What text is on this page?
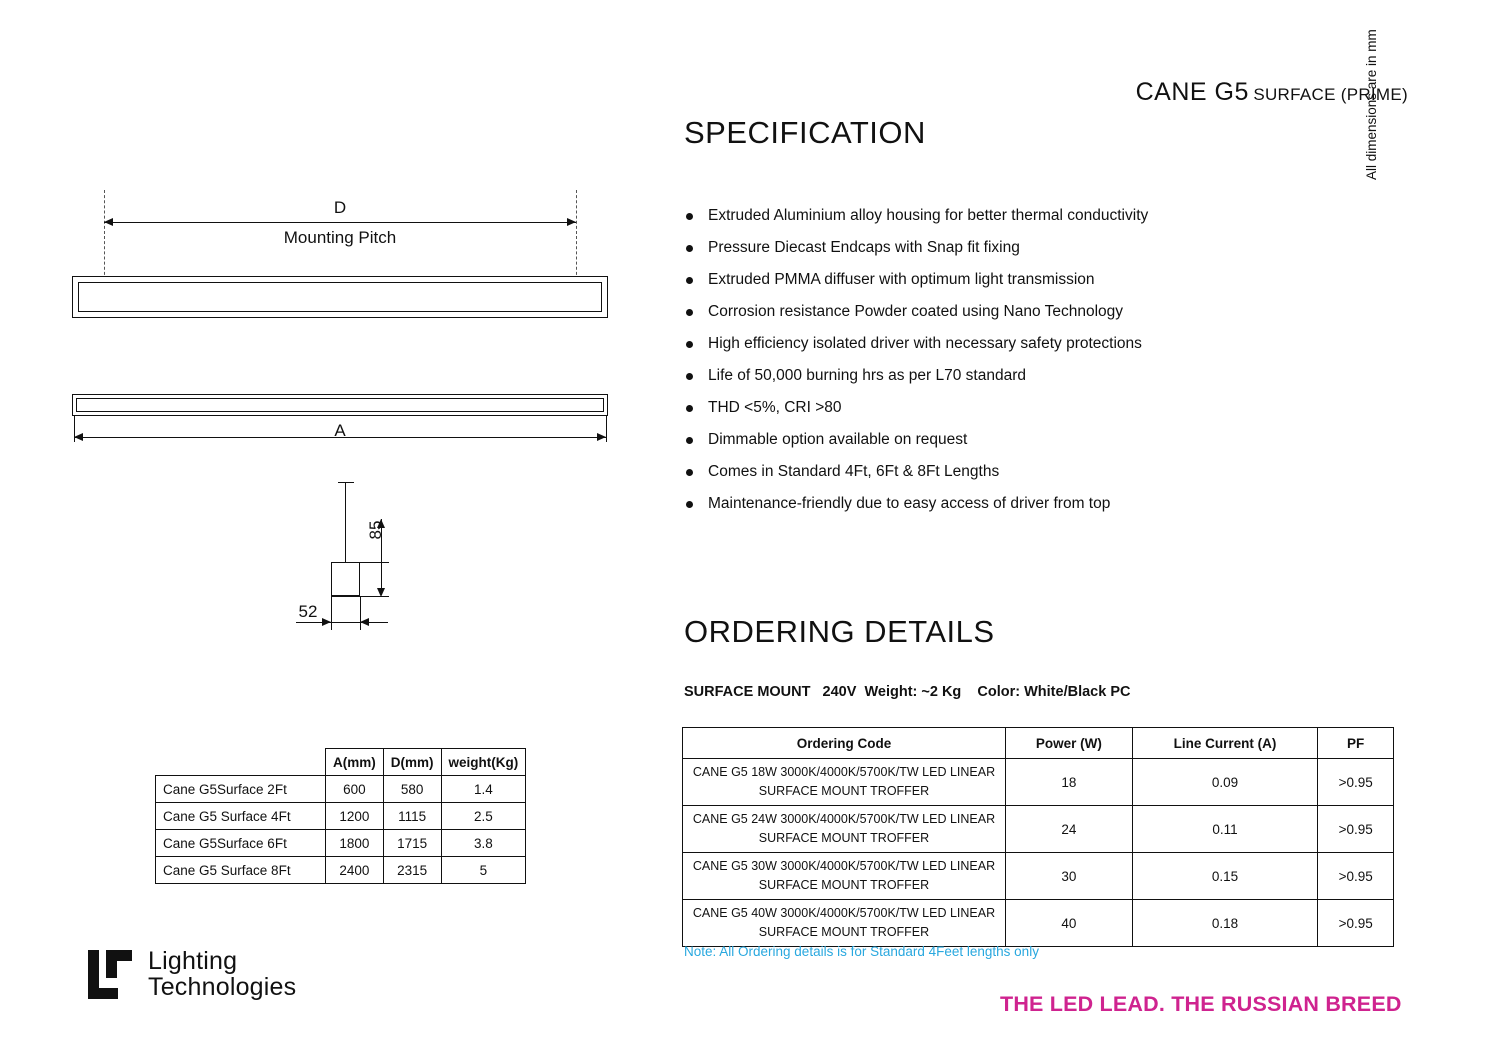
CANE G5 SURFACE (PRIME)
All dimensions are in mm
D
Mounting Pitch
A
85
52
	A(mm)	D(mm)	weight(Kg)
Cane G5Surface 2Ft	600	580	1.4
Cane G5 Surface 4Ft	1200	1115	2.5
Cane G5Surface 6Ft	1800	1715	3.8
Cane G5 Surface 8Ft	2400	2315	5
Lighting
Technologies
SPECIFICATION
Extruded Aluminium alloy housing for better thermal conductivity
Pressure Diecast Endcaps with Snap fit fixing
Extruded PMMA diffuser with optimum light transmission
Corrosion resistance Powder coated using Nano Technology
High efficiency isolated driver with necessary safety protections
Life of 50,000 burning hrs as per L70 standard
THD <5%, CRI >80
Dimmable option available on request
Comes in Standard 4Ft, 6Ft & 8Ft Lengths
Maintenance-friendly due to easy access of driver from top
ORDERING DETAILS
SURFACE MOUNT   240V  Weight: ~2 Kg    Color: White/Black PC
Ordering Code	Power (W)	Line Current (A)	PF
CANE G5 18W 3000K/4000K/5700K/TW LED LINEAR SURFACE MOUNT TROFFER	18	0.09	>0.95
CANE G5 24W 3000K/4000K/5700K/TW LED LINEAR SURFACE MOUNT TROFFER	24	0.11	>0.95
CANE G5 30W 3000K/4000K/5700K/TW LED LINEAR SURFACE MOUNT TROFFER	30	0.15	>0.95
CANE G5 40W 3000K/4000K/5700K/TW LED LINEAR SURFACE MOUNT TROFFER	40	0.18	>0.95
Note: All Ordering details is for Standard 4Feet lengths only
THE LED LEAD. THE RUSSIAN BREED
